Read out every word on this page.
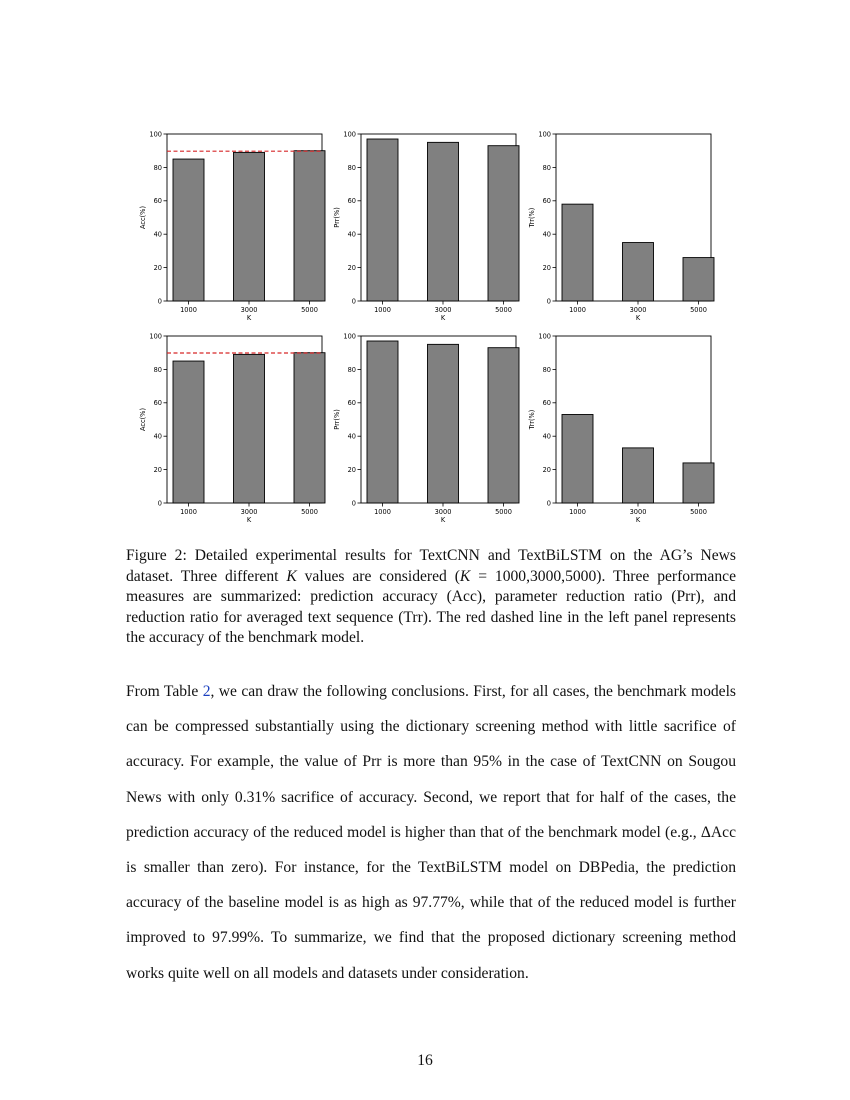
0
20
40
60
80
100
1000	3000	5000
K
Acc(%)
0
20
40
60
80
100
1000	3000	5000
K
Prr(%)
0
20
40
60
80
100
1000	3000	5000
K
Trr(%)
0
20
40
60
80
100
1000	3000	5000
K
Acc(%)
0
20
40
60
80
100
1000	3000	5000
K
Prr(%)
0
20
40
60
80
100
1000	3000	5000
K
Trr(%)

Figure 2: Detailed experimental results for TextCNN and TextBiLSTM on the AG’s News dataset. Three different K values are considered (K = 1000,3000,5000). Three performance measures are summarized: prediction accuracy (Acc), parameter reduction ratio (Prr), and reduction ratio for averaged text sequence (Trr). The red dashed line in the left panel represents the accuracy of the benchmark model.

From Table 2, we can draw the following conclusions. First, for all cases, the benchmark models can be compressed substantially using the dictionary screening method with little sacrifice of accuracy. For example, the value of Prr is more than 95% in the case of TextCNN on Sougou News with only 0.31% sacrifice of accuracy. Second, we report that for half of the cases, the prediction accuracy of the reduced model is higher than that of the benchmark model (e.g., ΔAcc is smaller than zero). For instance, for the TextBiLSTM model on DBPedia, the prediction accuracy of the baseline model is as high as 97.77%, while that of the reduced model is further improved to 97.99%. To summarize, we find that the proposed dictionary screening method works quite well on all models and datasets under consideration.

16
